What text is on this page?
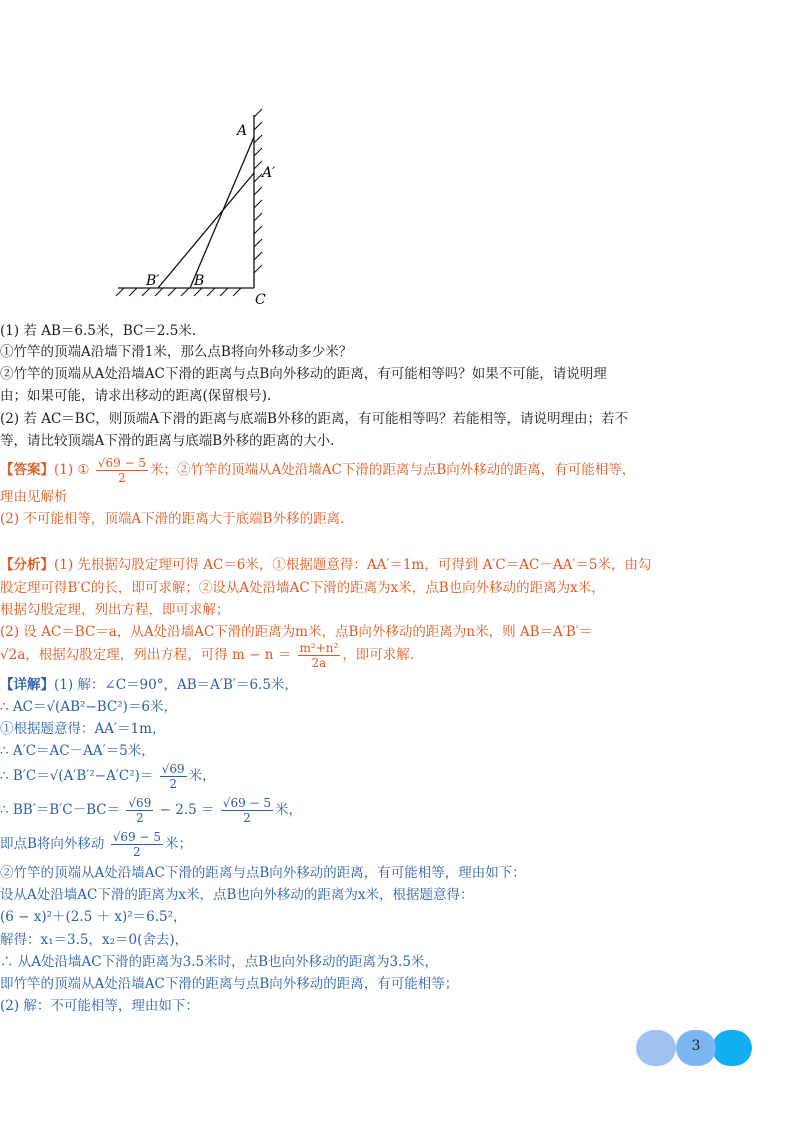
A
A′
B′ B
C
(1) 若 AB＝6.5米，BC＝2.5米.
①竹竿的顶端A沿墙下滑1米，那么点B将向外移动多少米？
②竹竿的顶端从A处沿墙AC下滑的距离与点B向外移动的距离，有可能相等吗？如果不可能，请说明理
由；如果可能，请求出移动的距离(保留根号).
(2) 若 AC＝BC，则顶端A下滑的距离与底端B外移的距离，有可能相等吗？若能相等，请说明理由；若不
等，请比较顶端A下滑的距离与底端B外移的距离的大小.
【答案】(1) ① $\frac{√69 - 5}{2}$ 米；②竹竿的顶端从A处沿墙AC下滑的距离与点B向外移动的距离，有可能相等，
理由见解析
(2) 不可能相等，顶端A下滑的距离大于底端B外移的距离.
【分析】(1) 先根据勾股定理可得 AC＝6米，①根据题意得：AA′＝1m，可得到 A′C＝AC－AA′＝5米，由勾
股定理可得B′C的长，即可求解；②设从A处沿墙AC下滑的距离为x米，点B也向外移动的距离为x米，
根据勾股定理，列出方程，即可求解；
(2) 设 AC＝BC＝a，从A处沿墙AC下滑的距离为m米，点B向外移动的距离为n米，则 AB＝A′B′＝
√2a，根据勾股定理，列出方程，可得 $m - n = \frac{\text{m²+n²}}{2a}$ ，即可求解.
【详解】(1) 解：∠C＝90°，AB＝A′B′＝6.5米，
∴ AC＝√(AB²−BC²)＝6米，
①根据题意得：AA′＝1m，
∴ A′C＝AC－AA′＝5米，
∴ $B'C=√(A'B'^2-A'C^2)= \frac{√69}{2}$ 米，
∴ $BB'=B'C-BC= \frac{√69}{2} - 2.5 = \frac{√69 - 5}{2}$ 米，
即点B将向外移动 $\frac{√69 - 5}{2}$ 米；
②竹竿的顶端从A处沿墙AC下滑的距离与点B向外移动的距离，有可能相等，理由如下：
设从A处沿墙AC下滑的距离为x米，点B也向外移动的距离为x米，根据题意得：
(6 − x)²＋(2.5 ＋ x)²＝6.5²，
解得：x₁＝3.5，x₂＝0(舍去)，
∴ 从A处沿墙AC下滑的距离为3.5米时，点B也向外移动的距离为3.5米，
即竹竿的顶端从A处沿墙AC下滑的距离与点B向外移动的距离，有可能相等；
(2) 解：不可能相等，理由如下：
3
